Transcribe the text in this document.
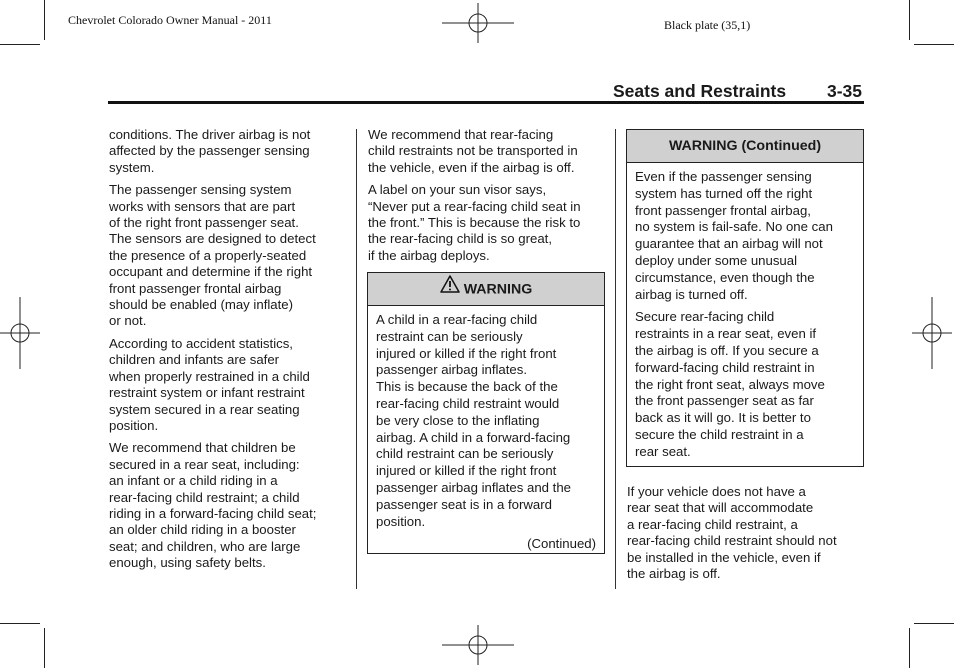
Chevrolet Colorado Owner Manual - 2011	Black plate (35,1)
Seats and Restraints 3-35

conditions. The driver airbag is not
affected by the passenger sensing
system.

The passenger sensing system
works with sensors that are part
of the right front passenger seat.
The sensors are designed to detect
the presence of a properly-seated
occupant and determine if the right
front passenger frontal airbag
should be enabled (may inflate)
or not.

According to accident statistics,
children and infants are safer
when properly restrained in a child
restraint system or infant restraint
system secured in a rear seating
position.

We recommend that children be
secured in a rear seat, including:
an infant or a child riding in a
rear-facing child restraint; a child
riding in a forward-facing child seat;
an older child riding in a booster
seat; and children, who are large
enough, using safety belts.

We recommend that rear-facing
child restraints not be transported in
the vehicle, even if the airbag is off.

A label on your sun visor says,
“Never put a rear-facing child seat in
the front.” This is because the risk to
the rear-facing child is so great,
if the airbag deploys.

WARNING

A child in a rear-facing child
restraint can be seriously
injured or killed if the right front
passenger airbag inflates.
This is because the back of the
rear-facing child restraint would
be very close to the inflating
airbag. A child in a forward-facing
child restraint can be seriously
injured or killed if the right front
passenger airbag inflates and the
passenger seat is in a forward
position.

(Continued)
WARNING (Continued)

Even if the passenger sensing
system has turned off the right
front passenger frontal airbag,
no system is fail-safe. No one can
guarantee that an airbag will not
deploy under some unusual
circumstance, even though the
airbag is turned off.

Secure rear-facing child
restraints in a rear seat, even if
the airbag is off. If you secure a
forward-facing child restraint in
the right front seat, always move
the front passenger seat as far
back as it will go. It is better to
secure the child restraint in a
rear seat.

If your vehicle does not have a
rear seat that will accommodate
a rear-facing child restraint, a
rear-facing child restraint should not
be installed in the vehicle, even if
the airbag is off.
